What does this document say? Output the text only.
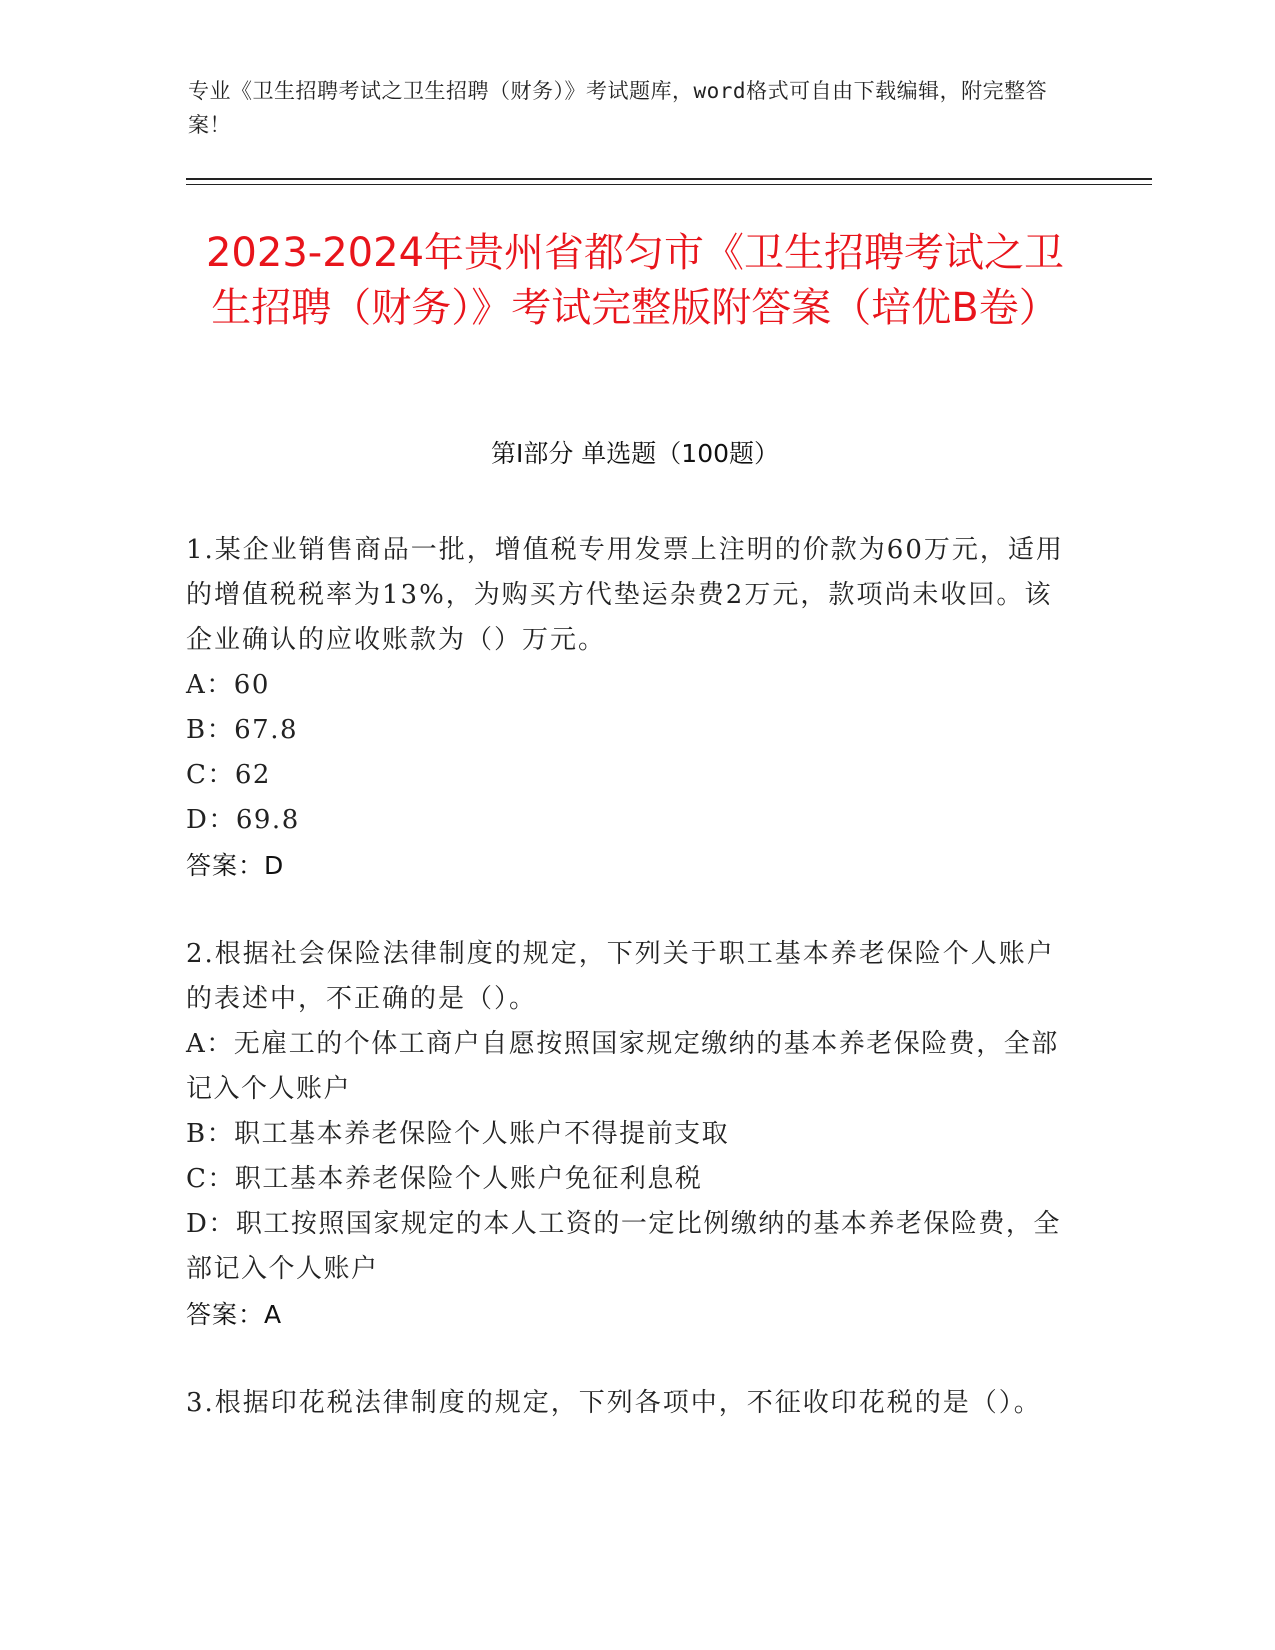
专业《卫生招聘考试之卫生招聘（财务）》考试题库，word格式可自由下载编辑，附完整答案！
2023-2024年贵州省都匀市《卫生招聘考试之卫生招聘（财务）》考试完整版附答案（培优B卷）
第I部分 单选题（100题）

1.某企业销售商品一批，增值税专用发票上注明的价款为60万元，适用的增值税税率为13%，为购买方代垫运杂费2万元，款项尚未收回。该企业确认的应收账款为（）万元。

A：60

B：67.8

C：62

D：69.8

答案：D

2.根据社会保险法律制度的规定，下列关于职工基本养老保险个人账户的表述中，不正确的是（）。

A：无雇工的个体工商户自愿按照国家规定缴纳的基本养老保险费，全部记入个人账户

B：职工基本养老保险个人账户不得提前支取

C：职工基本养老保险个人账户免征利息税

D：职工按照国家规定的本人工资的一定比例缴纳的基本养老保险费，全部记入个人账户

答案：A

3.根据印花税法律制度的规定，下列各项中，不征收印花税的是（）。
